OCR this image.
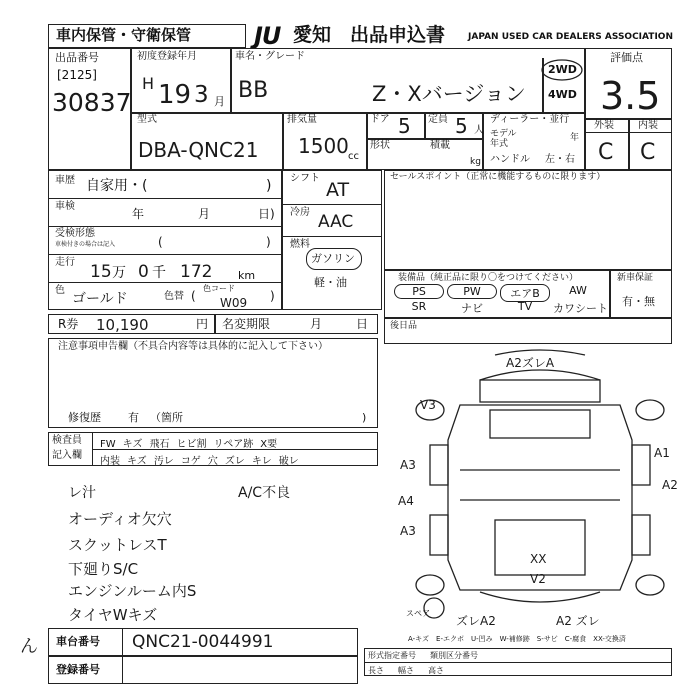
車内保管・守衛保管	JU 愛知 出品申込書	JAPAN USED CAR DEALERS ASSOCIATION
出品番号
[2125]
30837
初度登録年月
H 19 3 月
車名・グレード
BB	Z・Xバージョン
2WD
4WD
評価点
3.5
型式
DBA-QNC21
排気量
1500 cc
ドア 5 定員 5 人
ディーラー・並行
モデル	年
年式
形状	積載
kg ハンドル 左・右
外装 内装
C C
車歴 自家用・(	)
車検
年	月	日 )
受検形態
車検付きの場合は記入	(	)
走行 15 万 0 千 172 km
色
ゴールド	色替 (	)
色コード
W09
シフト
AT
冷房 AAC
燃料
ガソリン
軽・油
R券 10,190	円 名変期限	月	日
注意事項申告欄（不具合内容等は具体的に記入して下さい）
修復歴 有 （箇所	)
検査員
記入欄
FW キズ 飛石 ヒビ割 リペア跡 X要
内装 キズ 汚レ コゲ 穴 ズレ キレ 破レ
レ汁	A/C不良
オーディオ欠穴
スクットレスT
下廻りS/C
エンジンルーム内S
タイヤWキズ
セールスポイント（正常に機能するものに限ります）
装備品（純正品に限り〇をつけてください）
PS	PW	エアB	AW
SR	ナビ	TV	カワシート
新車保証
有・無
後日品
A2ズレA
V3
A3
A4
A3
A1
A2
XX
V2
ズレA2	A2 ズレ
スペア
A-キズ　E-エクボ　U-凹み　W-補修跡　S-サビ　C-腐食　XX-交換済
形式指定番号 類別区分番号
長さ 幅さ 高さ
車台番号 QNC21-0044991
登録番号
ん
